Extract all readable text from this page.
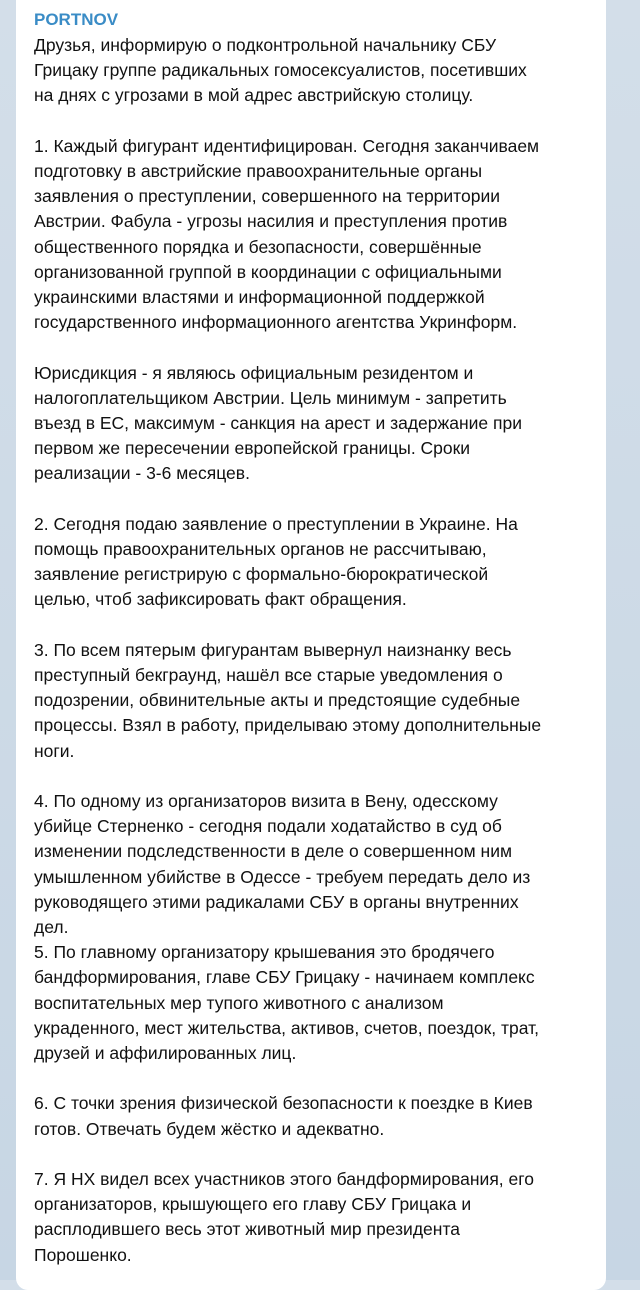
PORTNOV
Друзья, информирую о подконтрольной начальнику СБУ
Грицаку группе радикальных гомосексуалистов, посетивших
на днях с угрозами в мой адрес австрийскую столицу.
1. Каждый фигурант идентифицирован. Сегодня заканчиваем
подготовку в австрийские правоохранительные органы
заявления о преступлении, совершенного на территории
Австрии. Фабула - угрозы насилия и преступления против
общественного порядка и безопасности, совершённые
организованной группой в координации с официальными
украинскими властями и информационной поддержкой
государственного информационного агентства Укринформ.
Юрисдикция - я являюсь официальным резидентом и
налогоплательщиком Австрии. Цель минимум - запретить
въезд в ЕС, максимум - санкция на арест и задержание при
первом же пересечении европейской границы. Сроки
реализации - 3-6 месяцев.
2. Сегодня подаю заявление о преступлении в Украине. На
помощь правоохранительных органов не рассчитываю,
заявление регистрирую с формально-бюрократической
целью, чтоб зафиксировать факт обращения.
3. По всем пятерым фигурантам вывернул наизнанку весь
преступный бекграунд, нашёл все старые уведомления о
подозрении, обвинительные акты и предстоящие судебные
процессы. Взял в работу, приделываю этому дополнительные
ноги.
4. По одному из организаторов визита в Вену, одесскому
убийце Стерненко - сегодня подали ходатайство в суд об
изменении подследственности в деле о совершенном ним
умышленном убийстве в Одессе - требуем передать дело из
руководящего этими радикалами СБУ в органы внутренних
дел.
5. По главному организатору крышевания это бродячего
бандформирования, главе СБУ Грицаку - начинаем комплекс
воспитательных мер тупого животного с анализом
украденного, мест жительства, активов, счетов, поездок, трат,
друзей и аффилированных лиц.
6. С точки зрения физической безопасности к поездке в Киев
готов. Отвечать будем жёстко и адекватно.
7. Я НХ видел всех участников этого бандформирования, его
организаторов, крышующего его главу СБУ Грицака и
расплодившего весь этот животный мир президента
Порошенко.
